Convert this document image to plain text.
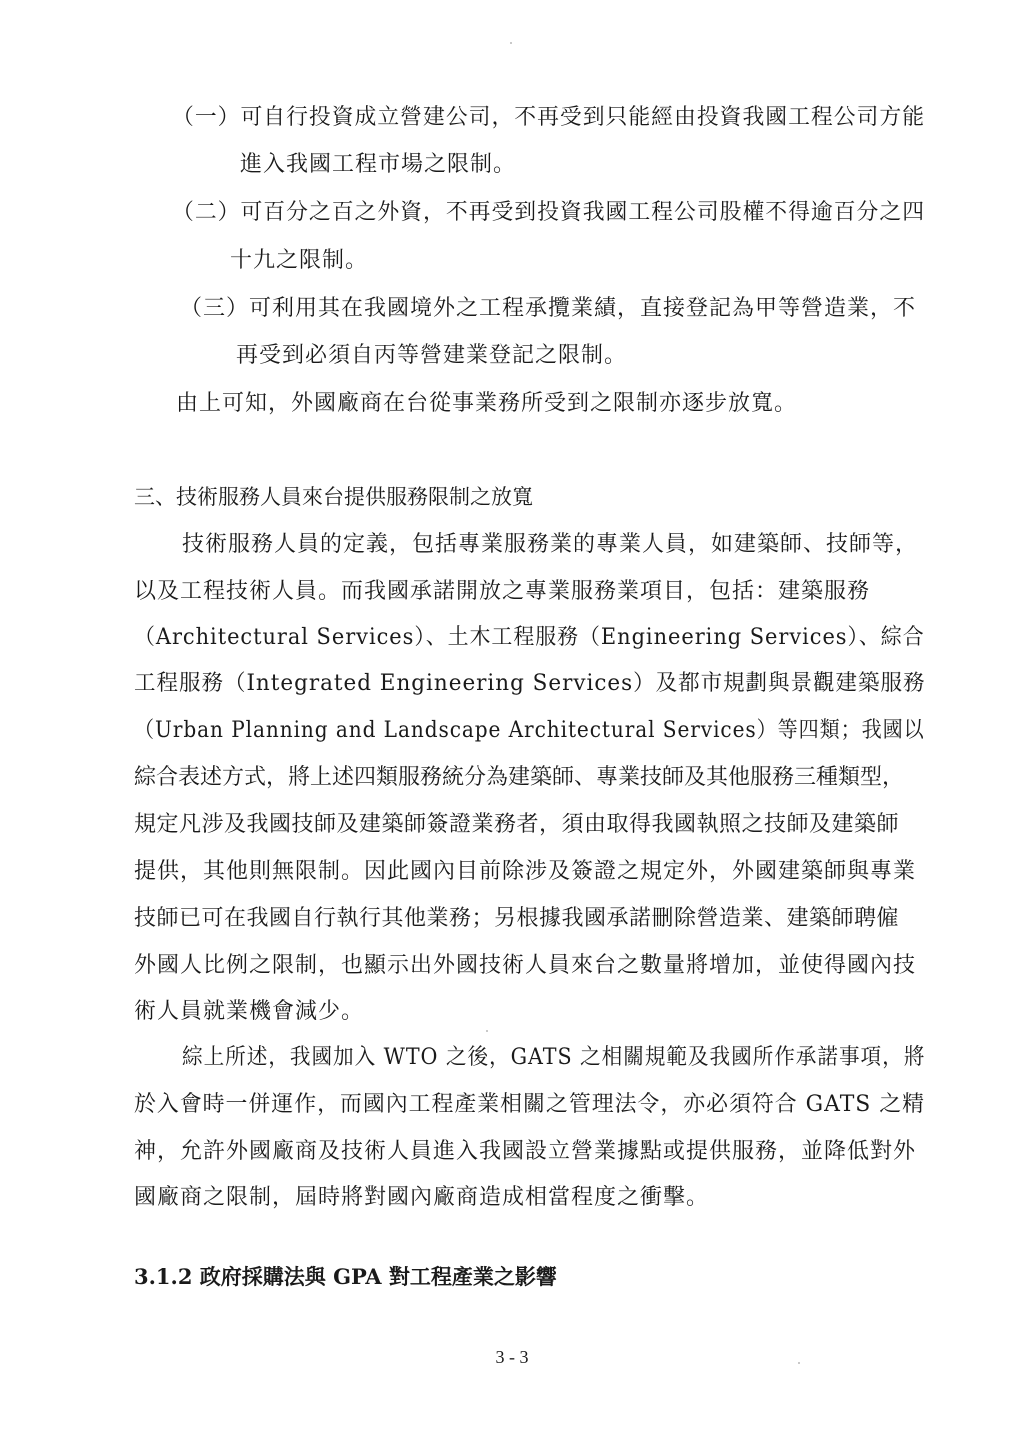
（一）可自行投資成立營建公司，不再受到只能經由投資我國工程公司方能
進入我國工程市場之限制。
（二）可百分之百之外資，不再受到投資我國工程公司股權不得逾百分之四
十九之限制。
（三）可利用其在我國境外之工程承攬業績，直接登記為甲等營造業，不
再受到必須自丙等營建業登記之限制。
由上可知，外國廠商在台從事業務所受到之限制亦逐步放寬。
三、技術服務人員來台提供服務限制之放寬
技術服務人員的定義，包括專業服務業的專業人員，如建築師、技師等，
以及工程技術人員。而我國承諾開放之專業服務業項目，包括：建築服務
（Architectural Services）、土木工程服務（Engineering Services）、綜合
工程服務（Integrated Engineering Services）及都市規劃與景觀建築服務
（Urban Planning and Landscape Architectural Services）等四類；我國以
綜合表述方式，將上述四類服務統分為建築師、專業技師及其他服務三種類型，
規定凡涉及我國技師及建築師簽證業務者，須由取得我國執照之技師及建築師
提供，其他則無限制。因此國內目前除涉及簽證之規定外，外國建築師與專業
技師已可在我國自行執行其他業務；另根據我國承諾刪除營造業、建築師聘僱
外國人比例之限制，也顯示出外國技術人員來台之數量將增加，並使得國內技
術人員就業機會減少。
綜上所述，我國加入 WTO 之後，GATS 之相關規範及我國所作承諾事項，將
於入會時一併運作，而國內工程產業相關之管理法令，亦必須符合 GATS 之精
神，允許外國廠商及技術人員進入我國設立營業據點或提供服務，並降低對外
國廠商之限制，屆時將對國內廠商造成相當程度之衝擊。
3.1.2 政府採購法與 GPA 對工程產業之影響
3 - 3
